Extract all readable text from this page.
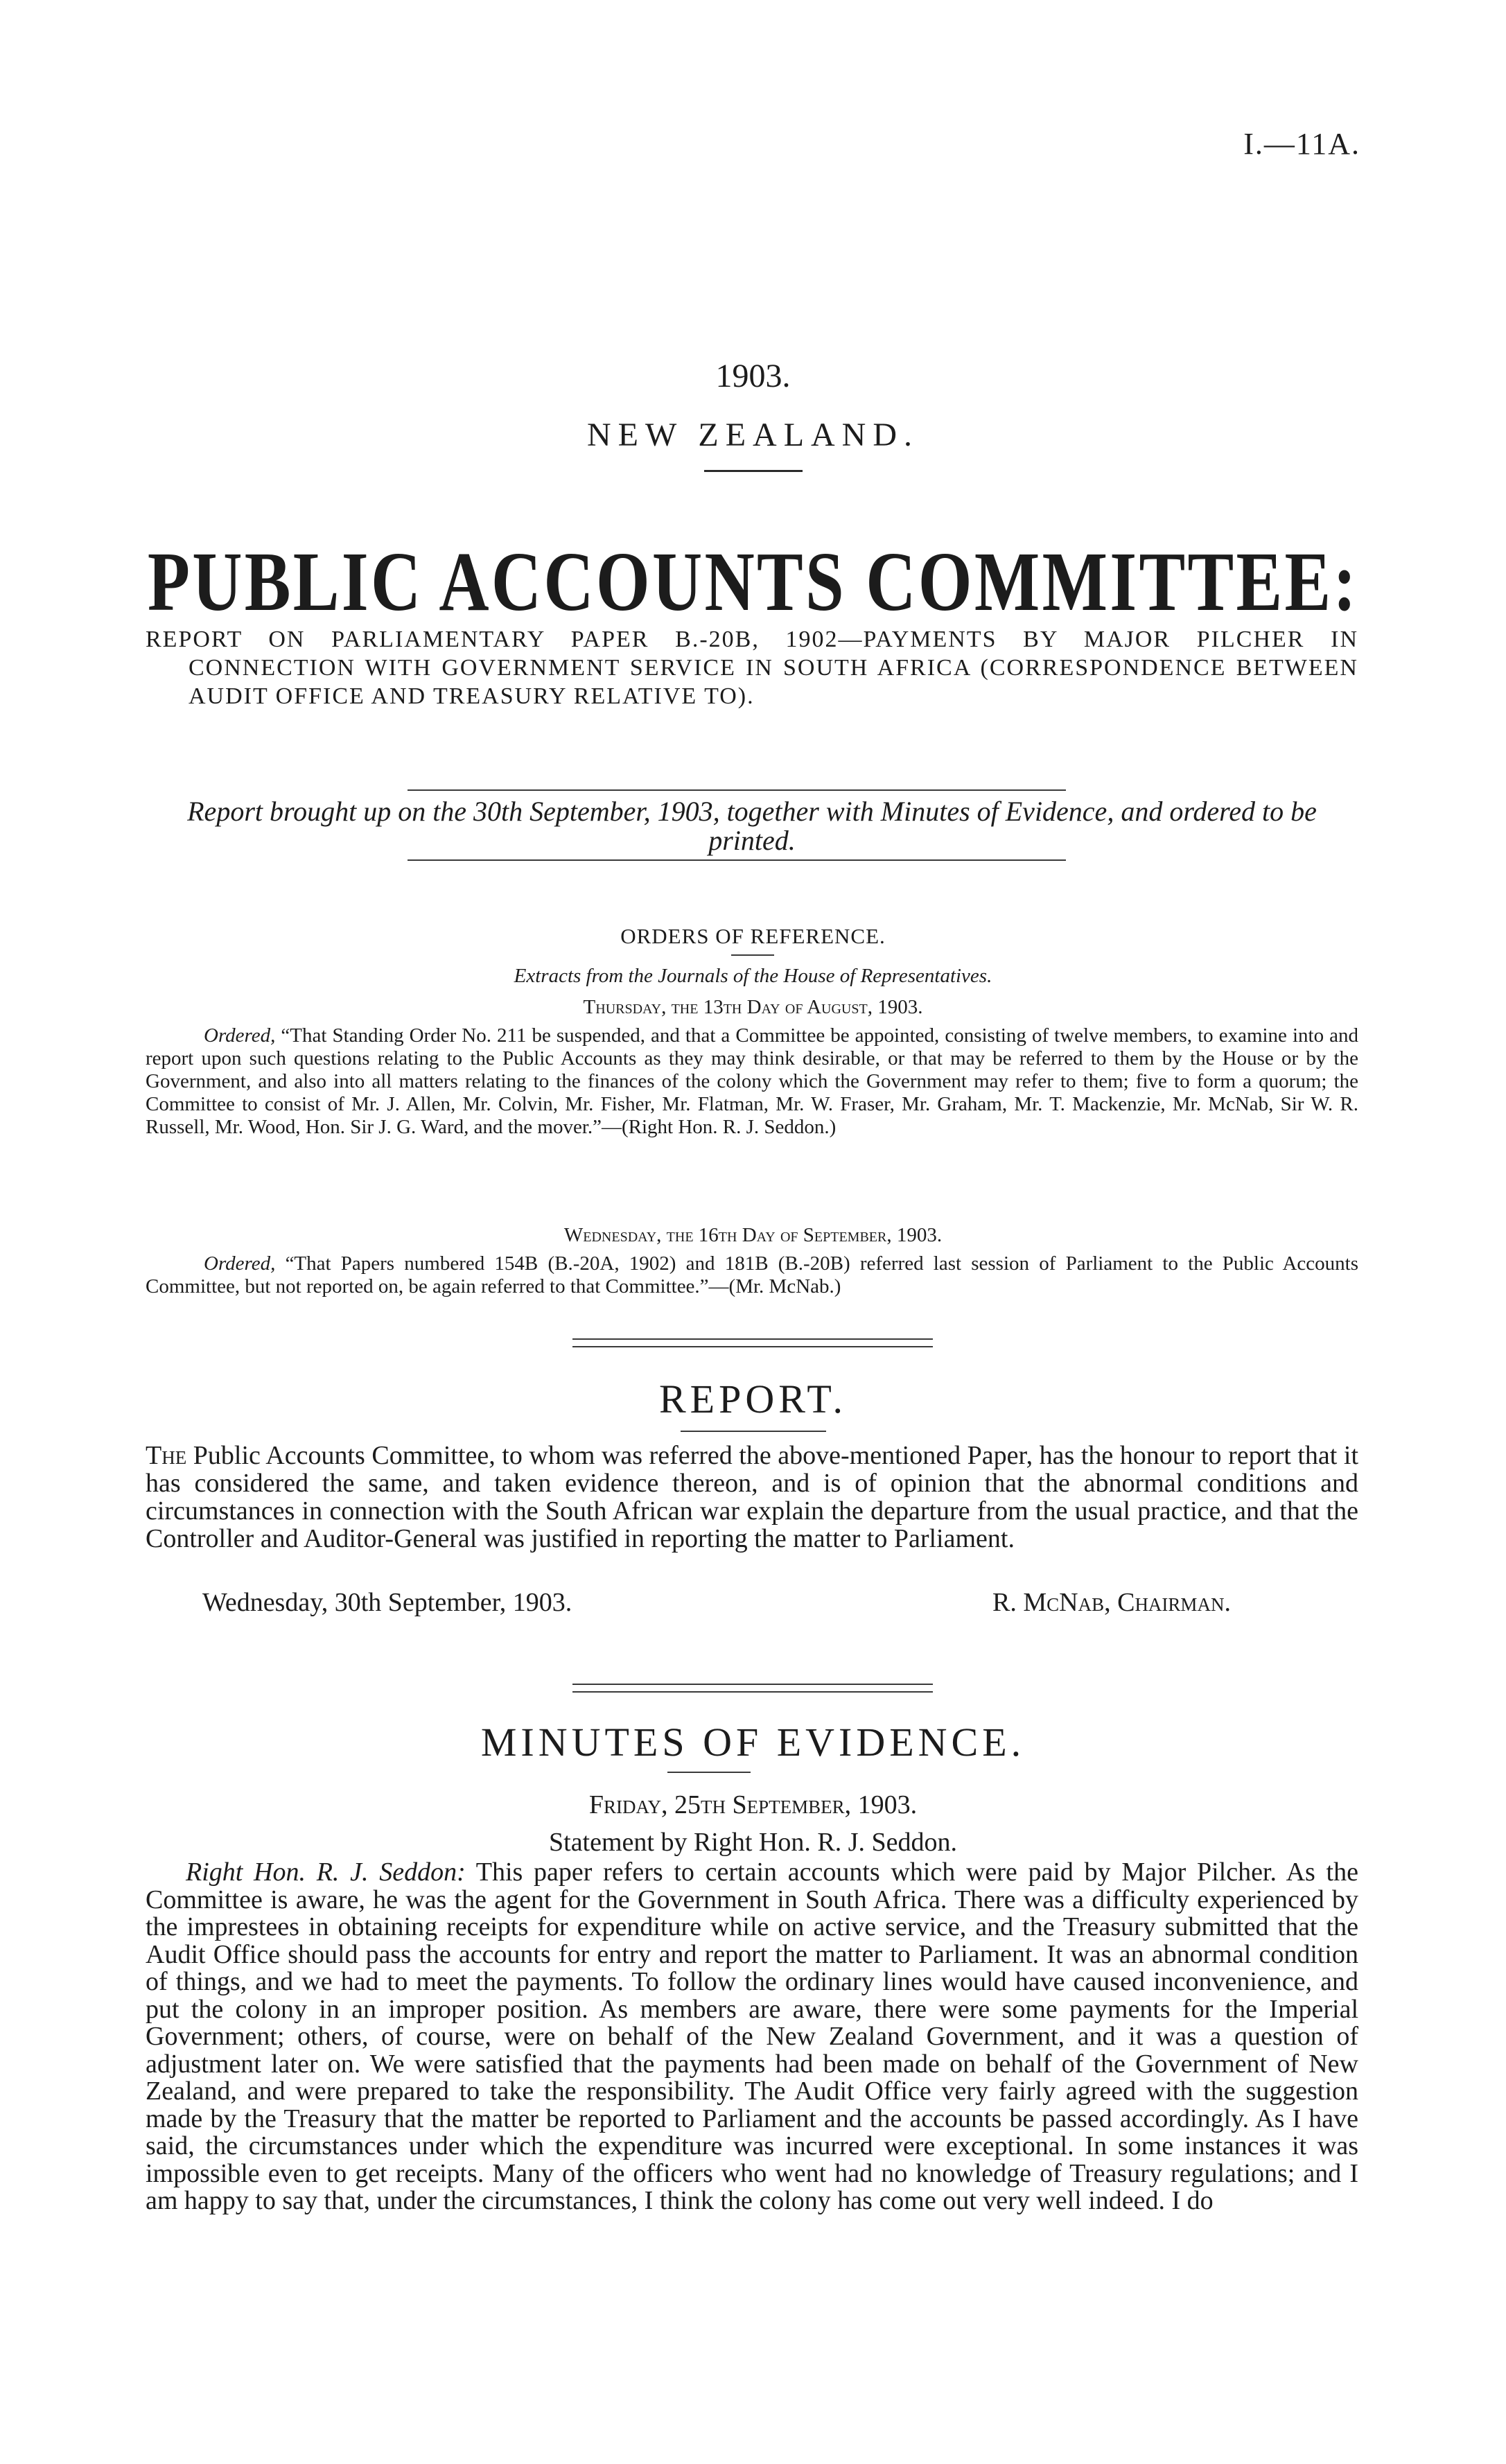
I.—11A.
1903.
NEW ZEALAND.
PUBLIC ACCOUNTS COMMITTEE:
REPORT ON PARLIAMENTARY PAPER B.-20B, 1902—PAYMENTS BY MAJOR PILCHER IN CONNECTION WITH GOVERNMENT SERVICE IN SOUTH AFRICA (CORRESPONDENCE BETWEEN AUDIT OFFICE AND TREASURY RELATIVE TO).
Report brought up on the 30th September, 1903, together with Minutes of Evidence, and ordered to be printed.
ORDERS OF REFERENCE.
Extracts from the Journals of the House of Representatives.
Thursday, the 13th Day of August, 1903.

Ordered, “That Standing Order No. 211 be suspended, and that a Committee be appointed, consisting of twelve members, to examine into and report upon such questions relating to the Public Accounts as they may think desirable, or that may be referred to them by the House or by the Government, and also into all matters relating to the finances of the colony which the Government may refer to them; five to form a quorum; the Committee to consist of Mr. J. Allen, Mr. Colvin, Mr. Fisher, Mr. Flatman, Mr. W. Fraser, Mr. Graham, Mr. T. Mackenzie, Mr. McNab, Sir W. R. Russell, Mr. Wood, Hon. Sir J. G. Ward, and the mover.”—(Right Hon. R. J. Seddon.)

Wednesday, the 16th Day of September, 1903.

Ordered, “That Papers numbered 154B (B.-20A, 1902) and 181B (B.-20B) referred last session of Parliament to the Public Accounts Committee, but not reported on, be again referred to that Committee.”—(Mr. McNab.)

REPORT.

The Public Accounts Committee, to whom was referred the above-mentioned Paper, has the honour to report that it has considered the same, and taken evidence thereon, and is of opinion that the abnormal conditions and circumstances in connection with the South African war explain the departure from the usual practice, and that the Controller and Auditor-General was justified in reporting the matter to Parliament.

Wednesday, 30th September, 1903.	R. McNab, Chairman.
MINUTES OF EVIDENCE.
Friday, 25th September, 1903.
Statement by Right Hon. R. J. Seddon.

Right Hon. R. J. Seddon: This paper refers to certain accounts which were paid by Major Pilcher. As the Committee is aware, he was the agent for the Government in South Africa. There was a difficulty experienced by the imprestees in obtaining receipts for expenditure while on active service, and the Treasury submitted that the Audit Office should pass the accounts for entry and report the matter to Parliament. It was an abnormal condition of things, and we had to meet the payments. To follow the ordinary lines would have caused inconvenience, and put the colony in an improper position. As members are aware, there were some payments for the Imperial Government; others, of course, were on behalf of the New Zealand Government, and it was a question of adjustment later on. We were satisfied that the payments had been made on behalf of the Government of New Zealand, and were prepared to take the responsibility. The Audit Office very fairly agreed with the suggestion made by the Treasury that the matter be reported to Parliament and the accounts be passed accordingly. As I have said, the circumstances under which the expenditure was incurred were exceptional. In some instances it was impossible even to get receipts. Many of the officers who went had no knowledge of Treasury regulations; and I am happy to say that, under the circumstances, I think the colony has come out very well indeed. I do
